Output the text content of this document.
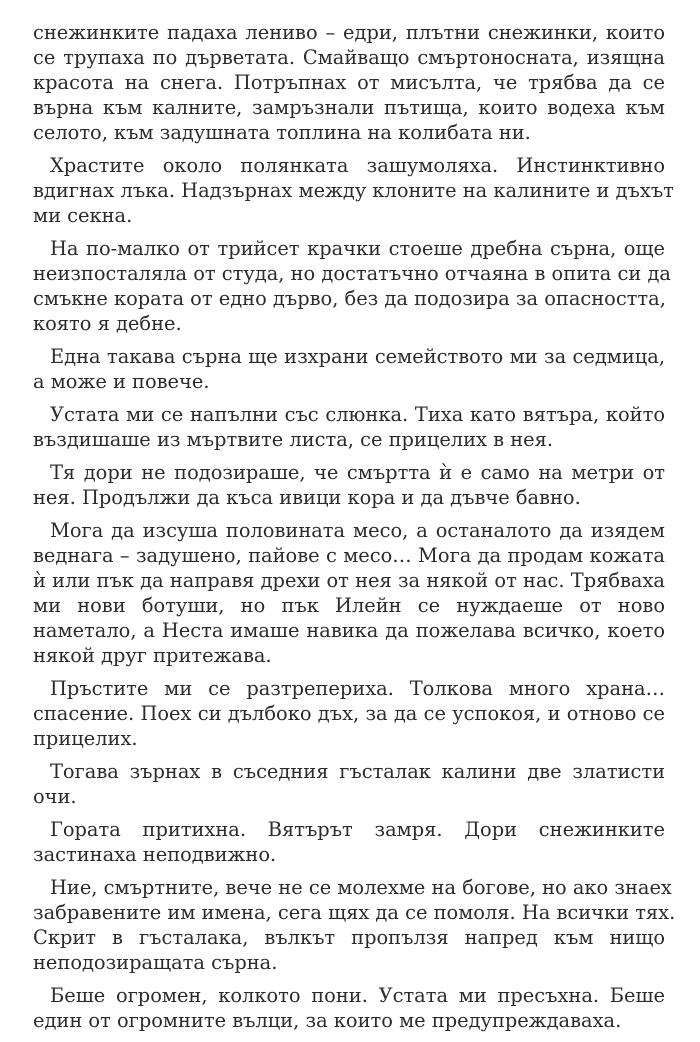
снежинките падаха лениво – едри, плътни снежинки, които
се трупаха по дърветата. Смайващо смъртоносната, изящна
красота на снега. Потръпнах от мисълта, че трябва да се
върна към калните, замръзнали пътища, които водеха към
селото, към задушната топлина на колибата ни.
Храстите около полянката зашумоляха. Инстинктивно
вдигнах лъка. Надзърнах между клоните на калините и дъхът
ми секна.
На по-малко от трийсет крачки стоеше дребна сърна, още
неизпосталяла от студа, но достатъчно отчаяна в опита си да
смъкне кората от едно дърво, без да подозира за опасността,
която я дебне.
Една такава сърна ще изхрани семейството ми за седмица,
а може и повече.
Устата ми се напълни със слюнка. Тиха като вятъра, който
въздишаше из мъртвите листа, се прицелих в нея.
Тя дори не подозираше, че смъртта ѝ е само на метри от
нея. Продължи да къса ивици кора и да дъвче бавно.
Мога да изсуша половината месо, а останалото да изядем
веднага – задушено, пайове с месо… Мога да продам кожата
ѝ или пък да направя дрехи от нея за някой от нас. Трябваха
ми нови ботуши, но пък Илейн се нуждаеше от ново
наметало, а Неста имаше навика да пожелава всичко, което
някой друг притежава.
Пръстите ми се разтрепериха. Толкова много храна…
спасение. Поех си дълбоко дъх, за да се успокоя, и отново се
прицелих.
Тогава зърнах в съседния гъсталак калини две златисти
очи.
Гората притихна. Вятърът замря. Дори снежинките
застинаха неподвижно.
Ние, смъртните, вече не се молехме на богове, но ако знаех
забравените им имена, сега щях да се помоля. На всички тях.
Скрит в гъсталака, вълкът пропълзя напред към нищо
неподозиращата сърна.
Беше огромен, колкото пони. Устата ми пресъхна. Беше
един от огромните вълци, за които ме предупреждаваха.
